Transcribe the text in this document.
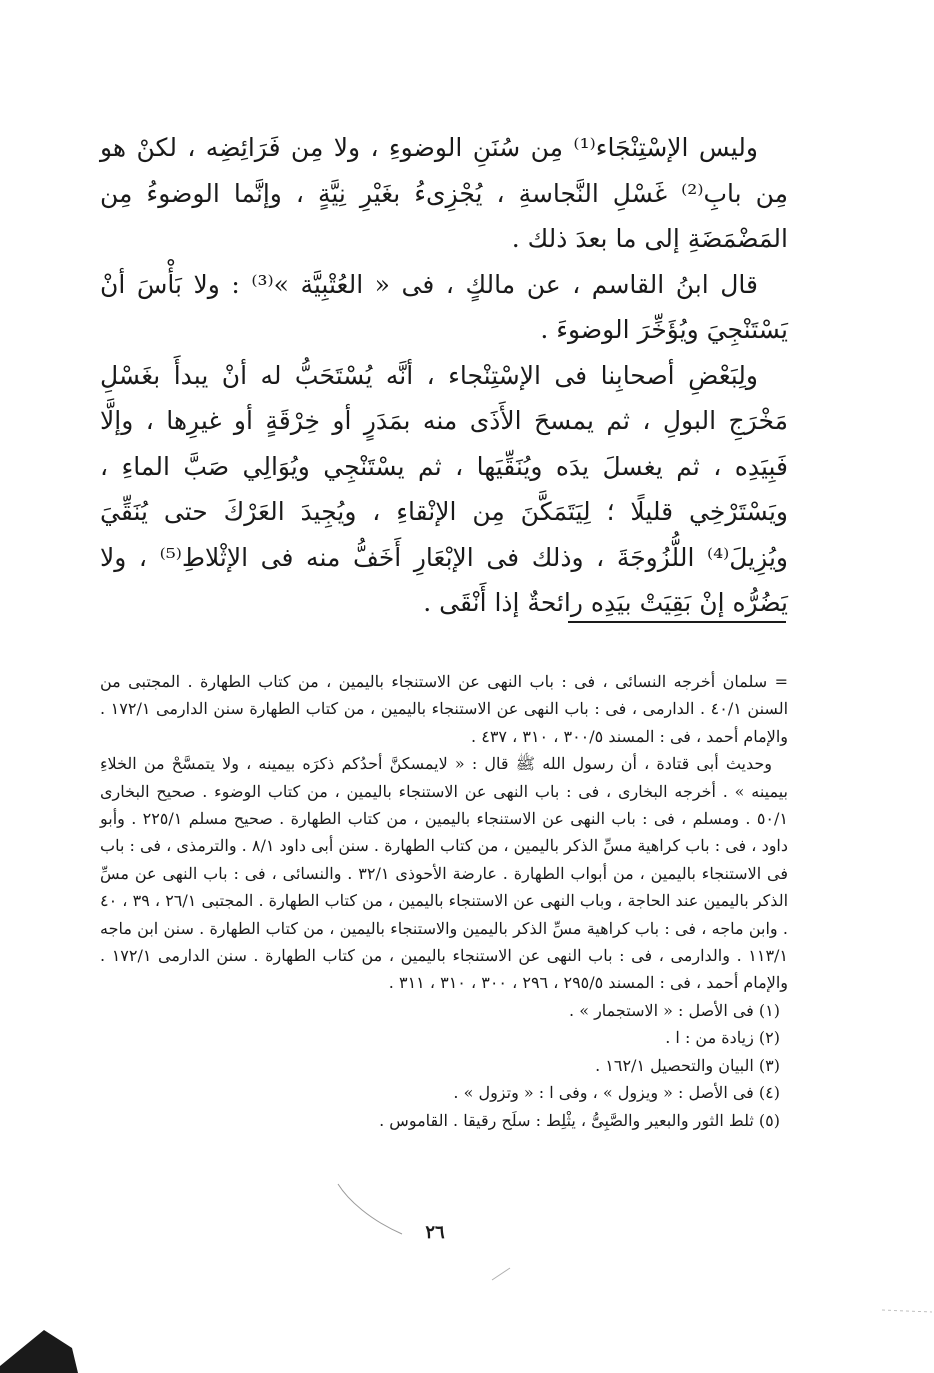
وليس الإسْتِنْجَاء⁽¹⁾ مِن سُنَنِ الوضوءِ ، ولا مِن فَرَائِضِه ، لكنْ هو مِن بابِ⁽²⁾ غَسْلِ النَّجاسةِ ، يُجْزِىءُ بغَيْرِ نِيَّةٍ ، وإنَّما الوضوءُ مِن المَضْمَضَةِ إلى ما بعدَ ذلك .

قال ابنُ القاسم ، عن مالكٍ ، فى « العُتْبِيَّة »⁽³⁾ : ولا بَأْسَ أنْ يَسْتَنْجِيَ ويُؤَخِّرَ الوضوءَ .

ولِبَعْضِ أصحابِنا فى الإسْتِنْجاء ، أنَّه يُسْتَحَبُّ له أنْ يبدأَ بغَسْلِ مَخْرَجِ البولِ ، ثم يمسحَ الأَذَى منه بمَدَرٍ أو خِرْقَةٍ أو غيرِها ، وإلَّا فَبِيَدِه ، ثم يغسلَ يدَه ويُنَقِّيَها ، ثم يسْتَنْجِي ويُوَالِي صَبَّ الماءِ ، ويَسْتَرْخِي قليلًا ؛ لِيَتَمَكَّنَ مِن الإنْقاءِ ، ويُجِيدَ العَرْكَ حتى يُنَقِّيَ ويُزِيلَ⁽⁴⁾ اللُّزُوجَةَ ، وذلك فى الإبْعَارِ أَخَفُّ منه فى الإثْلاطِ⁽⁵⁾ ، ولا يَضُرُّه إنْ بَقِيَتْ بيَدِه رائحةٌ إذا أَنْقَى .

= سلمان أخرجه النسائى ، فى : باب النهى عن الاستنجاء باليمين ، من كتاب الطهارة . المجتبى من السنن ٤٠/١ . الدارمى ، فى : باب النهى عن الاستنجاء باليمين ، من كتاب الطهارة سنن الدارمى ١٧٢/١ . والإمام أحمد ، فى : المسند ٣٠٠/٥ ، ٣١٠ ، ٤٣٧ .

وحديث أبى قتادة ، أن رسول الله ﷺ قال : « لايمسكنَّ أحدُكم ذكرَه بيمينه ، ولا يتمسَّحْ من الخلاءِ بيمينه » . أخرجه البخارى ، فى : باب النهى عن الاستنجاء باليمين ، من كتاب الوضوء . صحيح البخارى ٥٠/١ . ومسلم ، فى : باب النهى عن الاستنجاء باليمين ، من كتاب الطهارة . صحيح مسلم ٢٢٥/١ . وأبو داود ، فى : باب كراهية مسِّ الذكر باليمين ، من كتاب الطهارة . سنن أبى داود ٨/١ . والترمذى ، فى : باب فى الاستنجاء باليمين ، من أبواب الطهارة . عارضة الأحوذى ٣٢/١ . والنسائى ، فى : باب النهى عن مسِّ الذكر باليمين عند الحاجة ، وباب النهى عن الاستنجاء باليمين ، من كتاب الطهارة . المجتبى ٢٦/١ ، ٣٩ ، ٤٠ . وابن ماجه ، فى : باب كراهية مسِّ الذكر باليمين والاستنجاء باليمين ، من كتاب الطهارة . سنن ابن ماجه ١١٣/١ . والدارمى ، فى : باب النهى عن الاستنجاء باليمين ، من كتاب الطهارة . سنن الدارمى ١٧٢/١ . والإمام أحمد ، فى : المسند ٢٩٥/٥ ، ٢٩٦ ، ٣٠٠ ، ٣١٠ ، ٣١١ .

(١) فى الأصل : « الاستجمار » .

(٢) زيادة من : ا .

(٣) البيان والتحصيل ١٦٢/١ .

(٤) فى الأصل : « ويزول » ، وفى ا : « وتزول » .

(٥) ثلط الثور والبعير والصَّبِىُّ ، يثْلِط : سلَح رقيقا . القاموس .

٢٦
